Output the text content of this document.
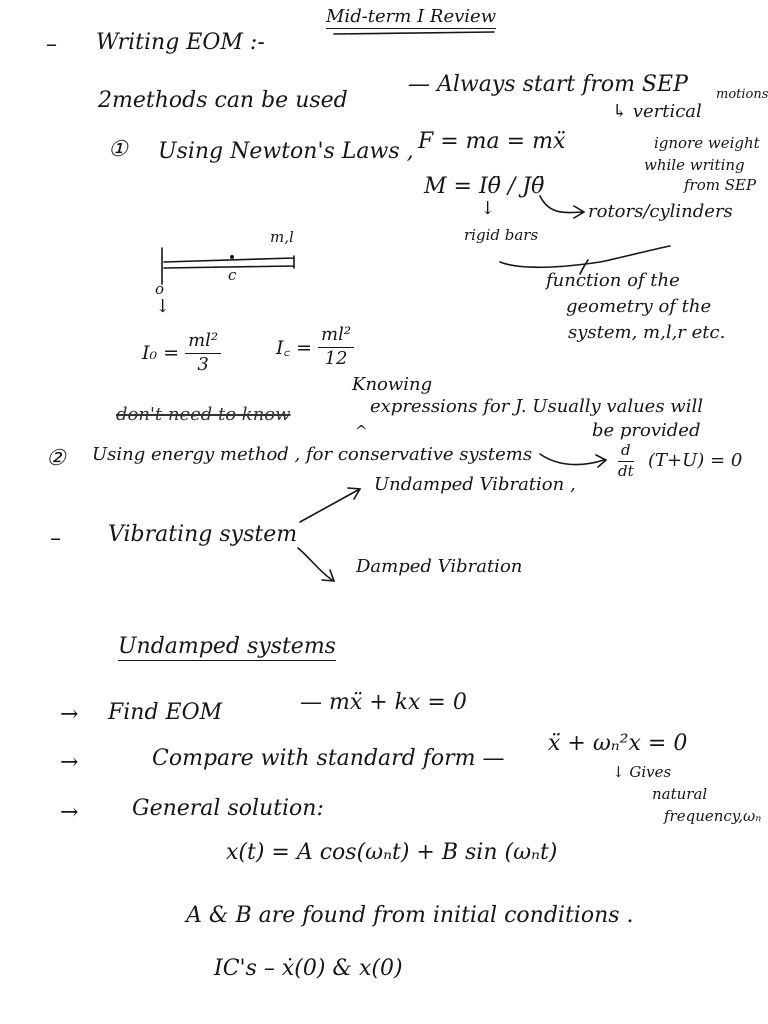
Mid-term I Review
– Writing EOM :-
2methods can be used
— Always start from SEP
↳ vertical
motions
① Using Newton's Laws , F = ma = mẍ	ignore weight
while writing
from SEP
M = Iθ̈ / Jθ̈
↓
rigid bars
rotors/cylinders
function of the
geometry of the
system, m,l,r etc.
m,l
c
o
↓
$I_0 = \frac{\text{ml²}}{3}$	I꜀ = $\frac{\text{ml²}}{12}$
Knowing
don't need to know
^
expressions for J. Usually values will
be provided
② Using energy method , for conservative systems	$\frac{d}{dt} (T+U) = 0$
Undamped Vibration ,
– Vibrating system
Damped Vibration
Undamped systems
→ Find EOM	— mẍ + kx = 0
→	Compare with standard form —
ẍ + ωₙ²x = 0
↓ Gives
natural
frequency,ωₙ
→ General solution:
x(t) = A cos(ωₙt) + B sin (ωₙt)
A & B are found from initial conditions .
IC's – ẋ(0) & x(0)
